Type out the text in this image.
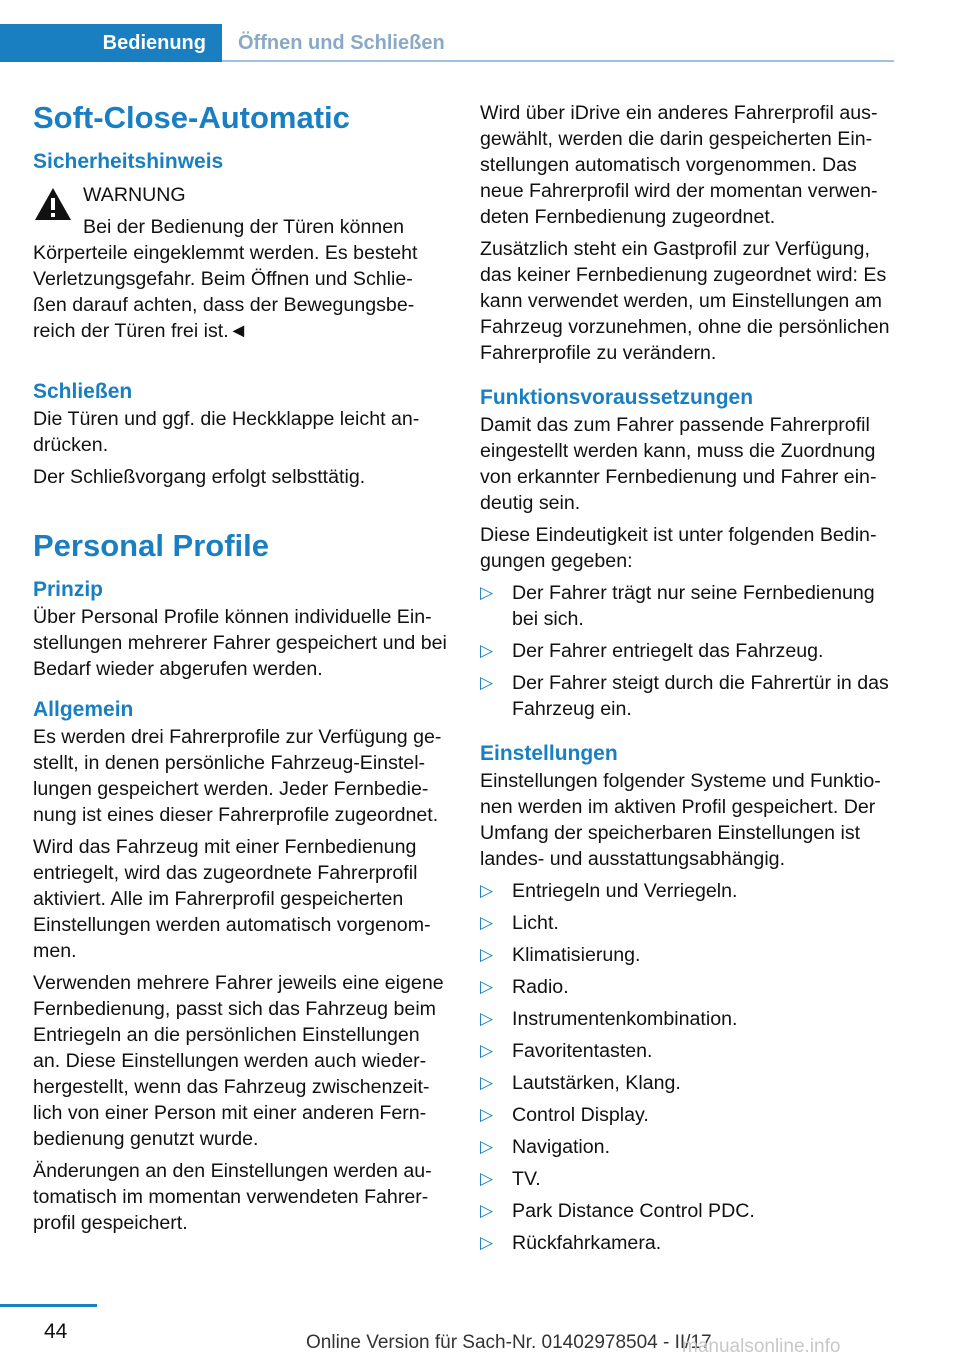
Bedienung	Öffnen und Schließen
Soft-Close-Automatic
Sicherheitshinweis
WARNUNG

Bei der Bedienung der Türen können Körperteile eingeklemmt werden. Es besteht Verletzungsgefahr. Beim Öffnen und Schlie‐ ßen darauf achten, dass der Bewegungsbe‐ reich der Türen frei ist.◄

Schließen

Die Türen und ggf. die Heckklappe leicht an‐ drücken.

Der Schließvorgang erfolgt selbsttätig.

Personal Profile
Prinzip

Über Personal Profile können individuelle Ein‐ stellungen mehrerer Fahrer gespeichert und bei Bedarf wieder abgerufen werden.

Allgemein

Es werden drei Fahrerprofile zur Verfügung ge‐ stellt, in denen persönliche Fahrzeug-Einstel‐ lungen gespeichert werden. Jeder Fernbedie‐ nung ist eines dieser Fahrerprofile zugeordnet.

Wird das Fahrzeug mit einer Fernbedienung entriegelt, wird das zugeordnete Fahrerprofil aktiviert. Alle im Fahrerprofil gespeicherten Einstellungen werden automatisch vorgenom‐ men.

Verwenden mehrere Fahrer jeweils eine eigene Fernbedienung, passt sich das Fahrzeug beim Entriegeln an die persönlichen Einstellungen an. Diese Einstellungen werden auch wieder‐ hergestellt, wenn das Fahrzeug zwischenzeit‐ lich von einer Person mit einer anderen Fern‐ bedienung genutzt wurde.

Änderungen an den Einstellungen werden au‐ tomatisch im momentan verwendeten Fahrer‐ profil gespeichert.

Wird über iDrive ein anderes Fahrerprofil aus‐ gewählt, werden die darin gespeicherten Ein‐ stellungen automatisch vorgenommen. Das neue Fahrerprofil wird der momentan verwen‐ deten Fernbedienung zugeordnet.

Zusätzlich steht ein Gastprofil zur Verfügung, das keiner Fernbedienung zugeordnet wird: Es kann verwendet werden, um Einstellungen am Fahrzeug vorzunehmen, ohne die persönlichen Fahrerprofile zu verändern.

Funktionsvoraussetzungen

Damit das zum Fahrer passende Fahrerprofil eingestellt werden kann, muss die Zuordnung von erkannter Fernbedienung und Fahrer ein‐ deutig sein.

Diese Eindeutigkeit ist unter folgenden Bedin‐ gungen gegeben:

▷ Der Fahrer trägt nur seine Fernbedienung bei sich.
▷ Der Fahrer entriegelt das Fahrzeug.
▷ Der Fahrer steigt durch die Fahrertür in das Fahrzeug ein.
Einstellungen

Einstellungen folgender Systeme und Funktio‐ nen werden im aktiven Profil gespeichert. Der Umfang der speicherbaren Einstellungen ist landes- und ausstattungsabhängig.

▷ Entriegeln und Verriegeln.
▷ Licht.
▷ Klimatisierung.
▷ Radio.
▷ Instrumentenkombination.
▷ Favoritentasten.
▷ Lautstärken, Klang.
▷ Control Display.
▷ Navigation.
▷ TV.
▷ Park Distance Control PDC.
▷ Rückfahrkamera.
44	Online Version für Sach-Nr. 01402978504 - II/17
manualsonline.info
